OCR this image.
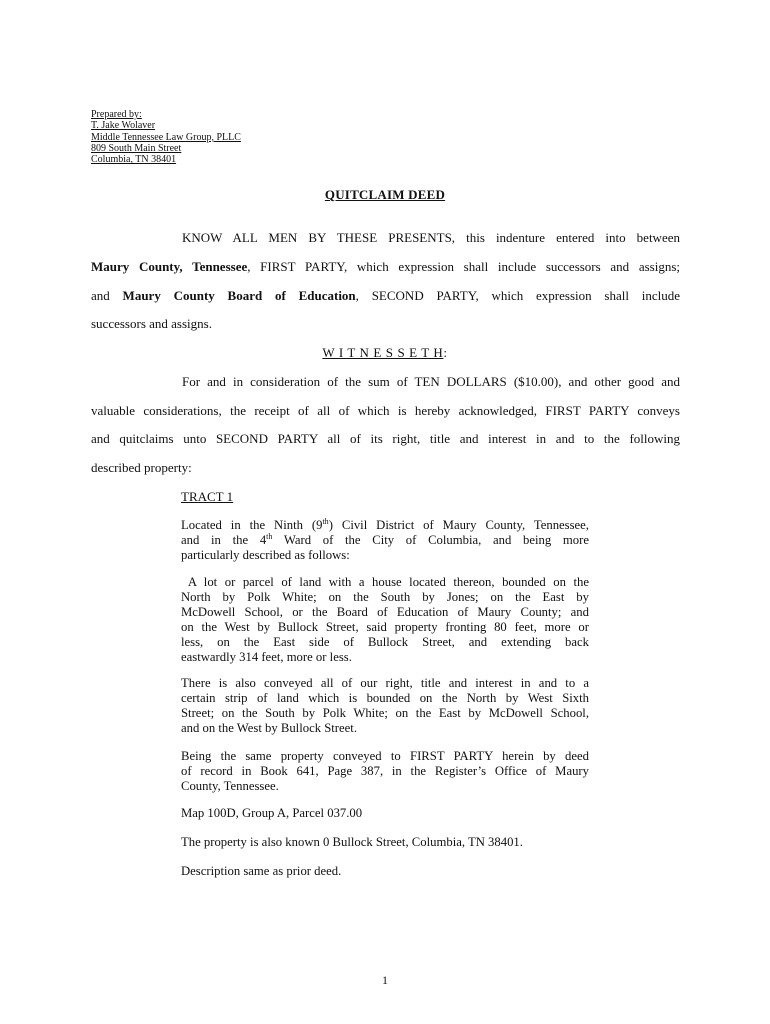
Prepared by:
T. Jake Wolaver
Middle Tennessee Law Group, PLLC
809 South Main Street
Columbia, TN 38401
QUITCLAIM DEED
KNOW ALL MEN BY THESE PRESENTS, this indenture entered into between
Maury County, Tennessee, FIRST PARTY, which expression shall include successors and assigns;
and Maury County Board of Education, SECOND PARTY, which expression shall include
successors and assigns.
W I T N E S S E T H:
For and in consideration of the sum of TEN DOLLARS ($10.00), and other good and
valuable considerations, the receipt of all of which is hereby acknowledged, FIRST PARTY conveys
and quitclaims unto SECOND PARTY all of its right, title and interest in and to the following
described property:
TRACT 1
Located in the Ninth (9th) Civil District of Maury County, Tennessee,
and in the 4th Ward of the City of Columbia, and being more
particularly described as follows:
A lot or parcel of land with a house located thereon, bounded on the
North by Polk White; on the South by Jones; on the East by
McDowell School, or the Board of Education of Maury County; and
on the West by Bullock Street, said property fronting 80 feet, more or
less, on the East side of Bullock Street, and extending back
eastwardly 314 feet, more or less.
There is also conveyed all of our right, title and interest in and to a
certain strip of land which is bounded on the North by West Sixth
Street; on the South by Polk White; on the East by McDowell School,
and on the West by Bullock Street.
Being the same property conveyed to FIRST PARTY herein by deed
of record in Book 641, Page 387, in the Register’s Office of Maury
County, Tennessee.
Map 100D, Group A, Parcel 037.00
The property is also known 0 Bullock Street, Columbia, TN 38401.
Description same as prior deed.
1
